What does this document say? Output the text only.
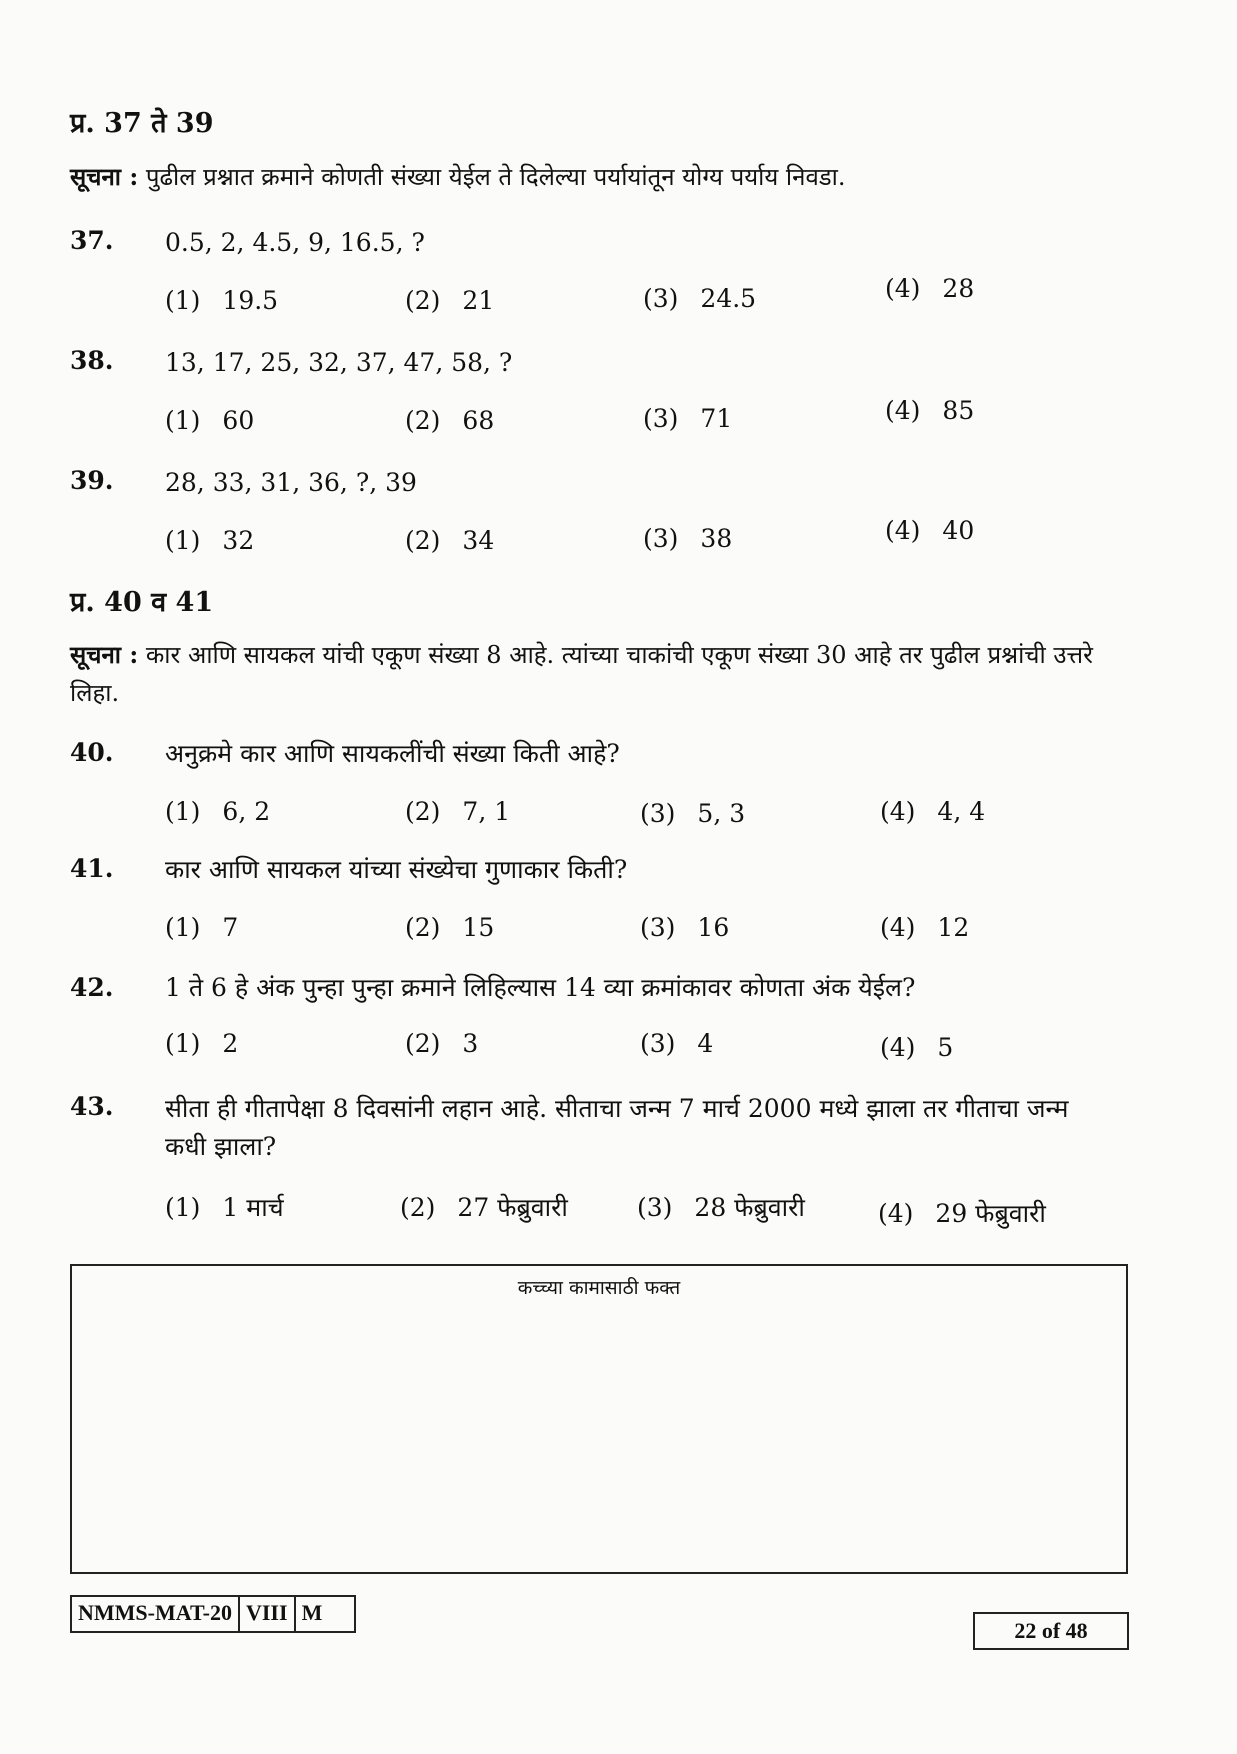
प्र. 37 ते 39
सूचना : पुढील प्रश्नात क्रमाने कोणती संख्या येईल ते दिलेल्या पर्यायांतून योग्य पर्याय निवडा.
37. 0.5, 2, 4.5, 9, 16.5, ?
(1) 19.5	(2) 21	(3) 24.5	(4) 28
38. 13, 17, 25, 32, 37, 47, 58, ?
(1) 60	(2) 68	(3) 71	(4) 85
39. 28, 33, 31, 36, ?, 39
(1) 32	(2) 34	(3) 38	(4) 40
प्र. 40 व 41
सूचना : कार आणि सायकल यांची एकूण संख्या 8 आहे. त्यांच्या चाकांची एकूण संख्या 30 आहे तर पुढील प्रश्नांची उत्तरे लिहा.
40. अनुक्रमे कार आणि सायकलींची संख्या किती आहे?
(1) 6, 2	(2) 7, 1	(3) 5, 3	(4) 4, 4
41. कार आणि सायकल यांच्या संख्येचा गुणाकार किती?
(1) 7	(2) 15	(3) 16	(4) 12
42. 1 ते 6 हे अंक पुन्हा पुन्हा क्रमाने लिहिल्यास 14 व्या क्रमांकावर कोणता अंक येईल?
(1) 2	(2) 3	(3) 4	(4) 5
43. सीता ही गीतापेक्षा 8 दिवसांनी लहान आहे. सीताचा जन्म 7 मार्च 2000 मध्ये झाला तर गीताचा जन्म कधी झाला?
(1) 1 मार्च	(2) 27 फेब्रुवारी	(3) 28 फेब्रुवारी	(4) 29 फेब्रुवारी
कच्च्या कामासाठी फक्त
NMMS-MAT-20 VIII M
22 of 48
